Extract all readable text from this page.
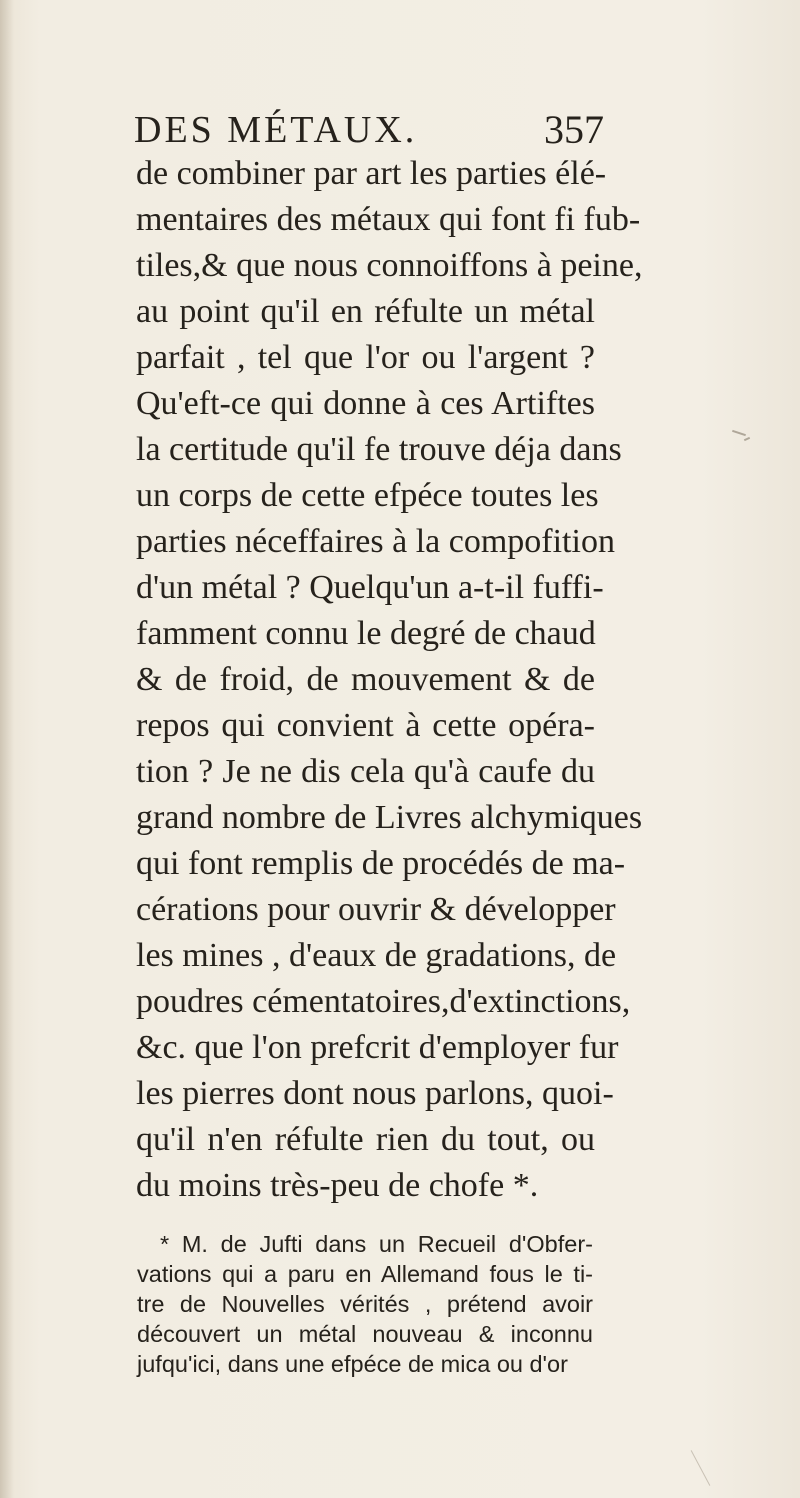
DES MÉTAUX.	357
de combiner par art les parties élé-
mentaires des métaux qui font fi fub-
tiles,& que nous connoiffons à peine,
au point qu'il en réfulte un métal
parfait , tel que l'or ou l'argent ?
Qu'eft-ce qui donne à ces Artiftes
la certitude qu'il fe trouve déja dans
un corps de cette efpéce toutes les
parties néceffaires à la compofition
d'un métal ? Quelqu'un a-t-il fuffi-
famment connu le degré de chaud
& de froid, de mouvement & de
repos qui convient à cette opéra-
tion ? Je ne dis cela qu'à caufe du
grand nombre de Livres alchymiques
qui font remplis de procédés de ma-
cérations pour ouvrir & développer
les mines , d'eaux de gradations, de
poudres cémentatoires,d'extinctions,
&c. que l'on prefcrit d'employer fur
les pierres dont nous parlons, quoi-
qu'il n'en réfulte rien du tout, ou
du moins très-peu de chofe *.
* M. de Jufti dans un Recueil d'Obfer-
vations qui a paru en Allemand fous le ti-
tre de Nouvelles vérités , prétend avoir
découvert un métal nouveau & inconnu
jufqu'ici, dans une efpéce de mica ou d'or
